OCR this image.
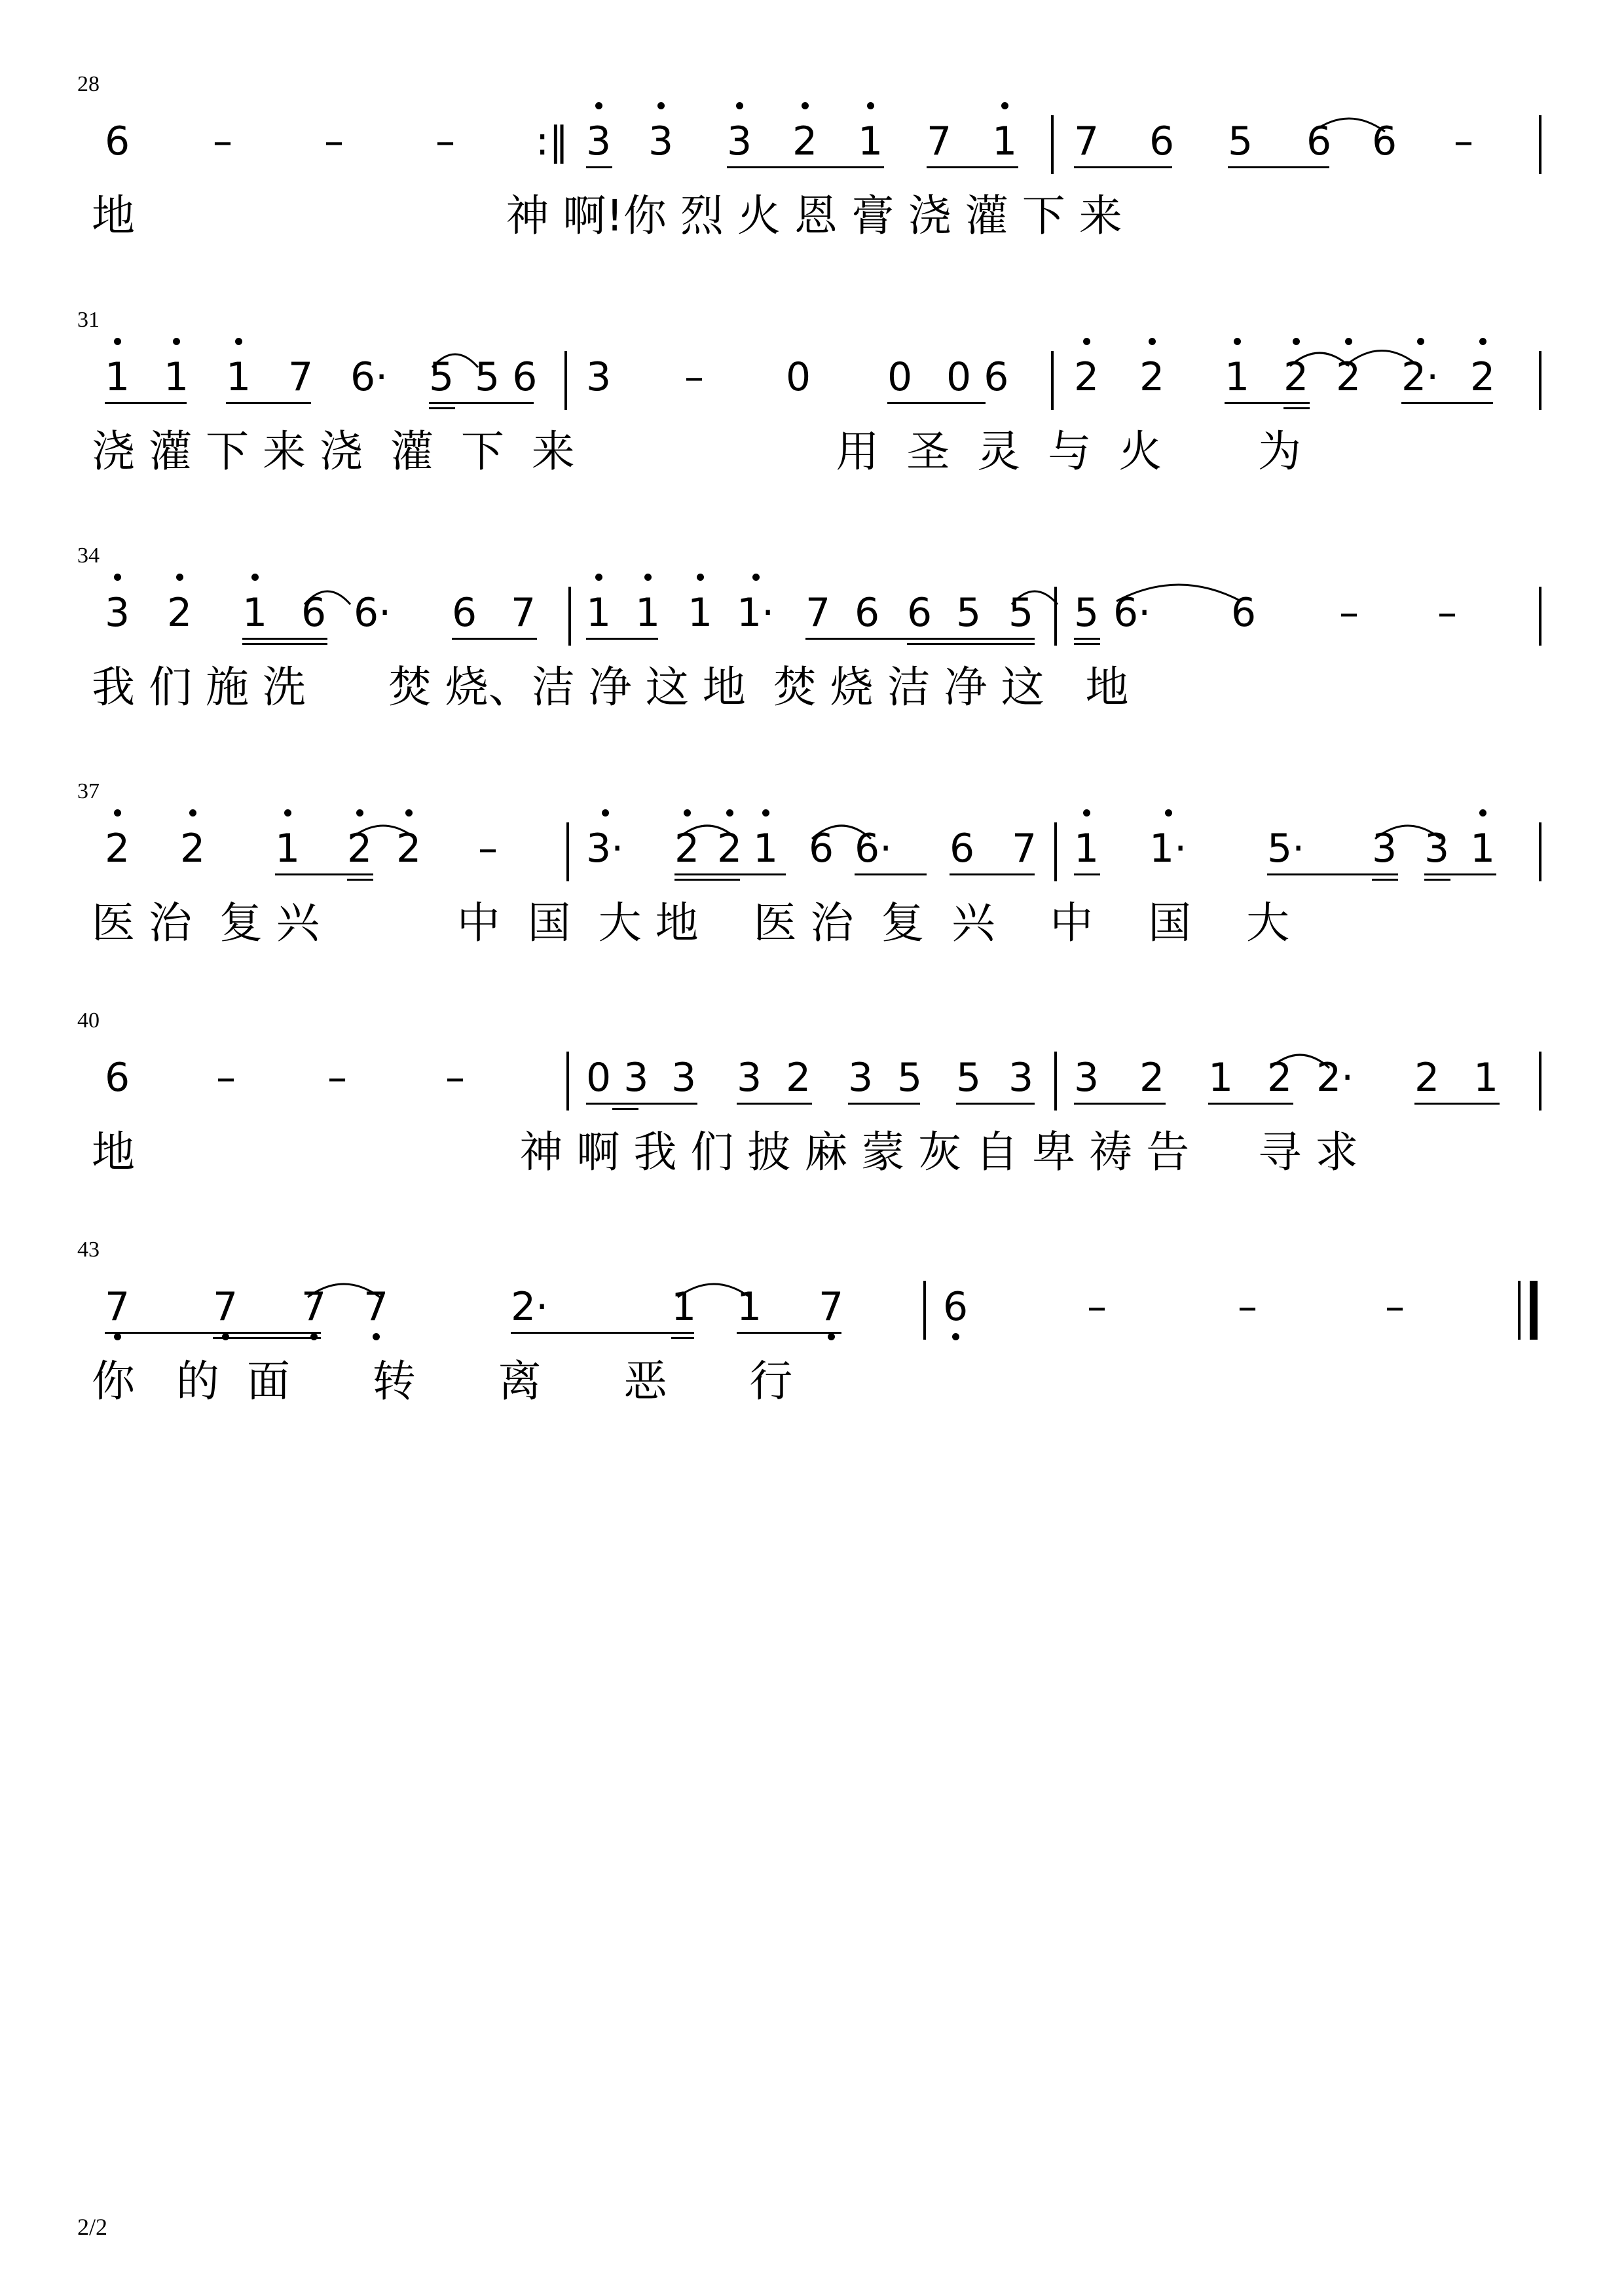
28
6 – – – :‖ 3 3 3 2 1 7 1 7 6 5 6 6 –
地                           神 啊!你 烈 火 恩 膏 浇 灌 下 来
31
1 1 1 7 6· 5 5 6 3 – 0 0 0 6 2 2 1 2 2 2· 2
浇 灌 下 来 浇  灌  下  来                   用  圣  灵  与  火       为
34
3 2 1 6 6· 6 7 1 1 1 1· 7 6 6 5 5 5 6· 6 – –
我 们 施 洗      焚 烧、洁 净 这 地  焚 烧 洁 净 这   地
37
2 2 1 2 2 – 3· 2 2 1 6 6· 6 7 1 1· 5· 3 3 1
医 治  复 兴          中  国  大 地    医 治  复  兴    中    国    大
40
6 – –	–	0 3 3 3 2 3 5 5 3 3 2 1 2 2· 2 1
地                            神 啊 我 们 披 麻 蒙 灰 自 卑 祷 告     寻 求
43
7 7 7 7	2·	1 1 7	6	–	–	–
你   的  面      转      离      恶      行
2/2
